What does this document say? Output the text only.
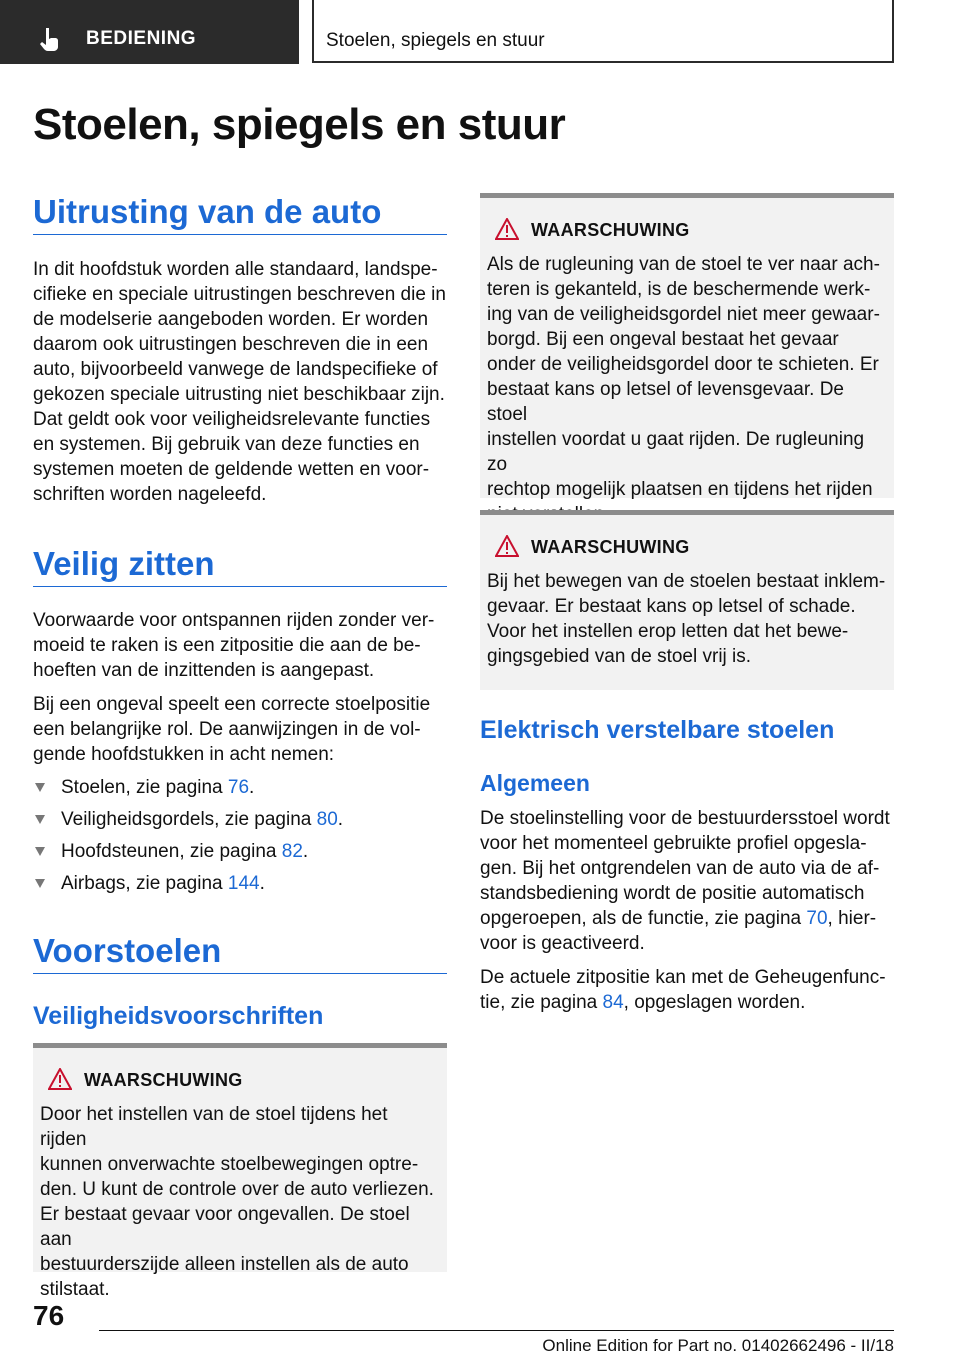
BEDIENING	Stoelen, spiegels en stuur
Stoelen, spiegels en stuur
Uitrusting van de auto
In dit hoofdstuk worden alle standaard, landspe‐
cifieke en speciale uitrustingen beschreven die in
de modelserie aangeboden worden. Er worden
daarom ook uitrustingen beschreven die in een
auto, bijvoorbeeld vanwege de landspecifieke of
gekozen speciale uitrusting niet beschikbaar zijn.
Dat geldt ook voor veiligheidsrelevante functies
en systemen. Bij gebruik van deze functies en
systemen moeten de geldende wetten en voor‐
schriften worden nageleefd.
Veilig zitten
Voorwaarde voor ontspannen rijden zonder ver‐
moeid te raken is een zitpositie die aan de be‐
hoeften van de inzittenden is aangepast.
Bij een ongeval speelt een correcte stoelpositie
een belangrijke rol. De aanwijzingen in de vol‐
gende hoofdstukken in acht nemen:
Stoelen, zie pagina 76.
Veiligheidsgordels, zie pagina 80.
Hoofdsteunen, zie pagina 82.
Airbags, zie pagina 144.
Voorstoelen
Veiligheidsvoorschriften
WAARSCHUWING
Door het instellen van de stoel tijdens het rijden
kunnen onverwachte stoelbewegingen optre‐
den. U kunt de controle over de auto verliezen.
Er bestaat gevaar voor ongevallen. De stoel aan
bestuurderszijde alleen instellen als de auto
stilstaat.
WAARSCHUWING
Als de rugleuning van de stoel te ver naar ach‐
teren is gekanteld, is de beschermende werk‐
ing van de veiligheidsgordel niet meer gewaar‐
borgd. Bij een ongeval bestaat het gevaar
onder de veiligheidsgordel door te schieten. Er
bestaat kans op letsel of levensgevaar. De stoel
instellen voordat u gaat rijden. De rugleuning zo
rechtop mogelijk plaatsen en tijdens het rijden
WAARSCHUWING
Bij het bewegen van de stoelen bestaat inklem‐
gevaar. Er bestaat kans op letsel of schade.
Voor het instellen erop letten dat het bewe‐
gingsgebied van de stoel vrij is.
Elektrisch verstelbare stoelen
Algemeen
De stoelinstelling voor de bestuurdersstoel wordt
voor het momenteel gebruikte profiel opgesla‐
gen. Bij het ontgrendelen van de auto via de af‐
standsbediening wordt de positie automatisch
opgeroepen, als de functie, zie pagina 70, hier‐
voor is geactiveerd.
De actuele zitpositie kan met de Geheugenfunc‐
tie, zie pagina 84, opgeslagen worden.

76

Online Edition for Part no. 01402662496 - II/18
